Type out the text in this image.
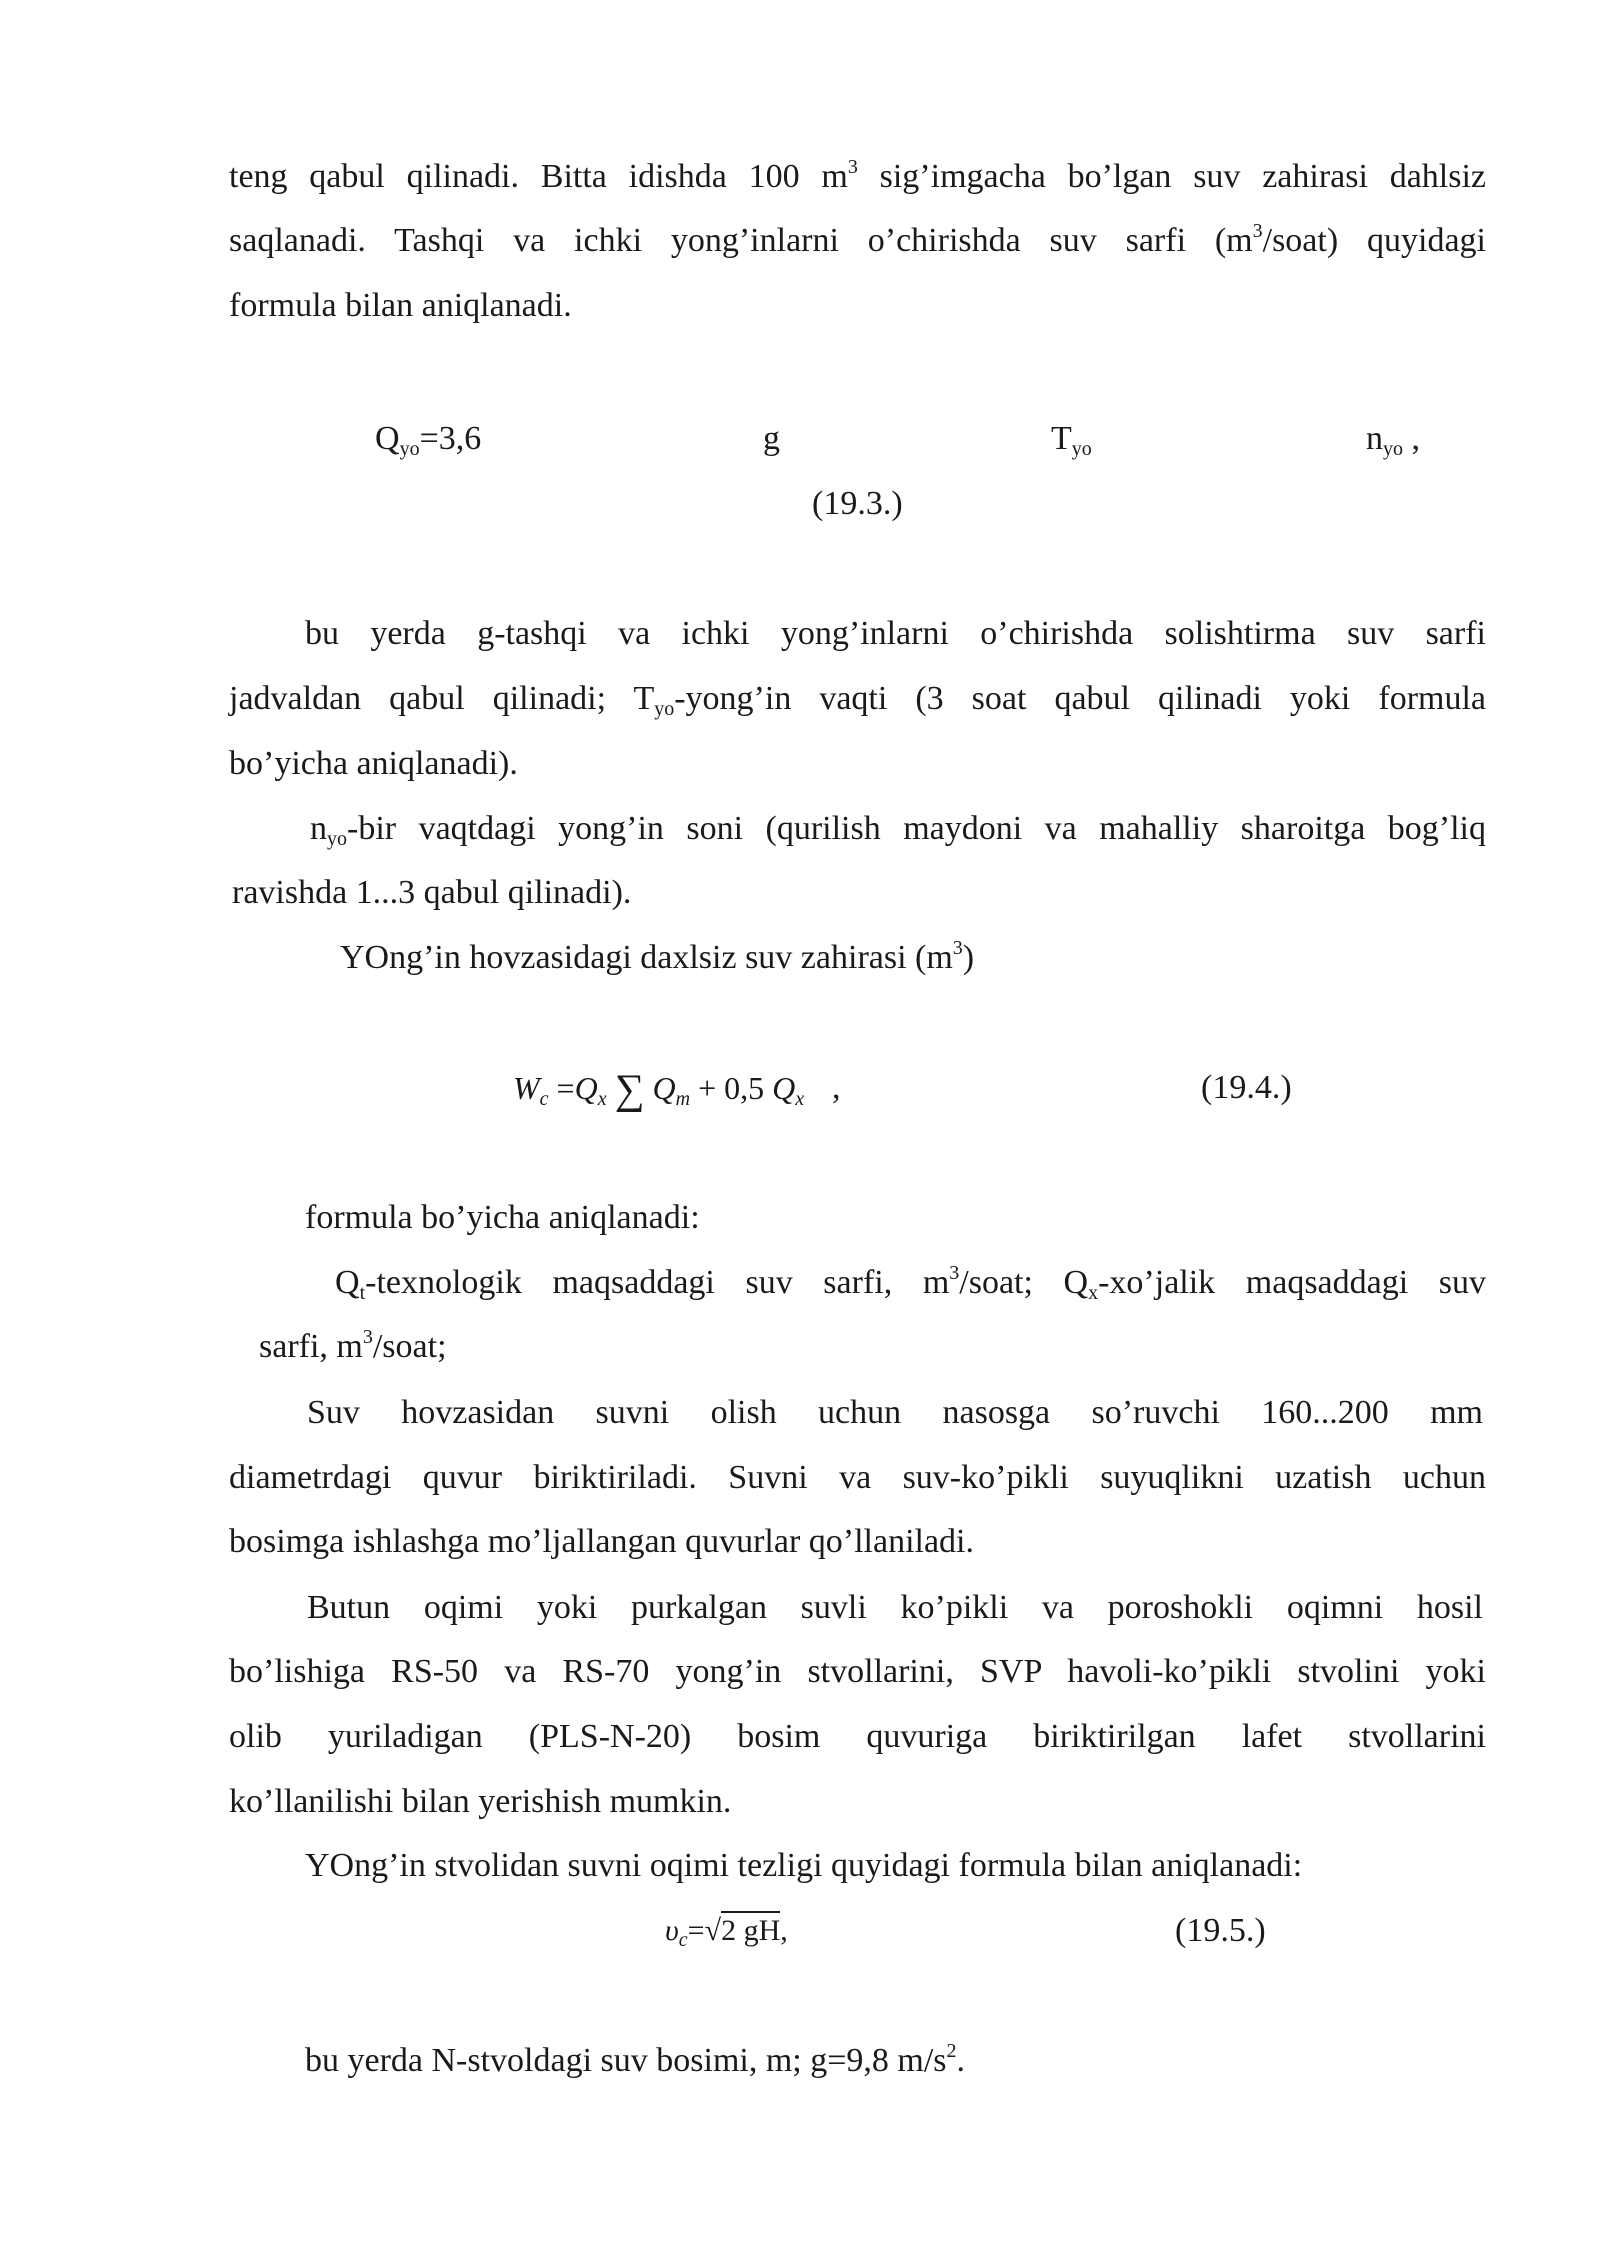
teng qabul qilinadi. Bitta idishda 100 $m^3$ sig’imgacha bo’lgan suv zahirasi dahlsiz
saqlanadi. Tashqi va ichki yong’inlarni o’chirishda suv sarfi $(m^3/soat)$ quyidagi
formula bilan aniqlanadi.
$Q_{yo}=3,6$	g	$T_{yo}$	$n_{yo}$ ,
(19.3.)
bu yerda g-tashqi va ichki yong’inlarni o’chirishda solishtirma suv sarfi
jadvaldan qabul qilinadi; $T_{yo}-yong’in$ vaqti (3 soat qabul qilinadi yoki formula
bo’yicha aniqlanadi).
$n_{yo}$-bir vaqtdagi yong’in soni (qurilish maydoni va mahalliy sharoitga bog’liq
ravishda 1...3 qabul qilinadi).
YOng’in hovzasidagi daxlsiz suv zahirasi $(m^3)$
$W_c =Q_x$ ∑ $Q_m + 0,5$ $Q_x$ ,	(19.4.)
formula bo’yicha aniqlanadi:
$Q_t$-texnologik maqsaddagi suv sarfi, $m^3$/soat; $Q_x-xo’jalik$ maqsaddagi suv
sarfi, $m^3$/soat;
Suv hovzasidan suvni olish uchun nasosga so’ruvchi 160...200 mm
diametrdagi quvur biriktiriladi. Suvni va suv-ko’pikli suyuqlikni uzatish uchun
bosimga ishlashga mo’ljallangan quvurlar qo’llaniladi.
Butun oqimi yoki purkalgan suvli ko’pikli va poroshokli oqimni hosil
bo’lishiga RS-50 va RS-70 yong’in stvollarini, SVP havoli-ko’pikli stvolini yoki
olib yuriladigan (PLS-N-20) bosim quvuriga biriktirilgan lafet stvollarini
ko’llanilishi bilan yerishish mumkin.
YOng’in stvolidan suvni oqimi tezligi quyidagi formula bilan aniqlanadi:
$\upsilon_c=√2$ gH,	(19.5.)
bu yerda N-stvoldagi suv bosimi, m; g=9,8 $m/s^2$.
